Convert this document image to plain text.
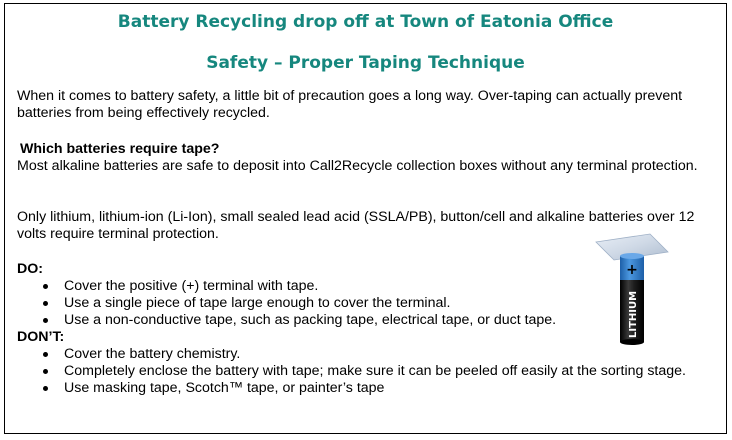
Battery Recycling drop off at Town of Eatonia Office
Safety – Proper Taping Technique
When it comes to battery safety, a little bit of precaution goes a long way. Over-taping can actually prevent batteries from being effectively recycled.
Which batteries require tape?
Most alkaline batteries are safe to deposit into Call2Recycle collection boxes without any terminal protection.
Only lithium, lithium-ion (Li-Ion), small sealed lead acid (SSLA/PB), button/cell and alkaline batteries over 12 volts require terminal protection.
DO:
Cover the positive (+) terminal with tape.
Use a single piece of tape large enough to cover the terminal.
Use a non-conductive tape, such as packing tape, electrical tape, or duct tape.
DON’T:
Cover the battery chemistry.
Completely enclose the battery with tape; make sure it can be peeled off easily at the sorting stage.
Use masking tape, Scotch™ tape, or painter’s tape
+
LITHIUM
